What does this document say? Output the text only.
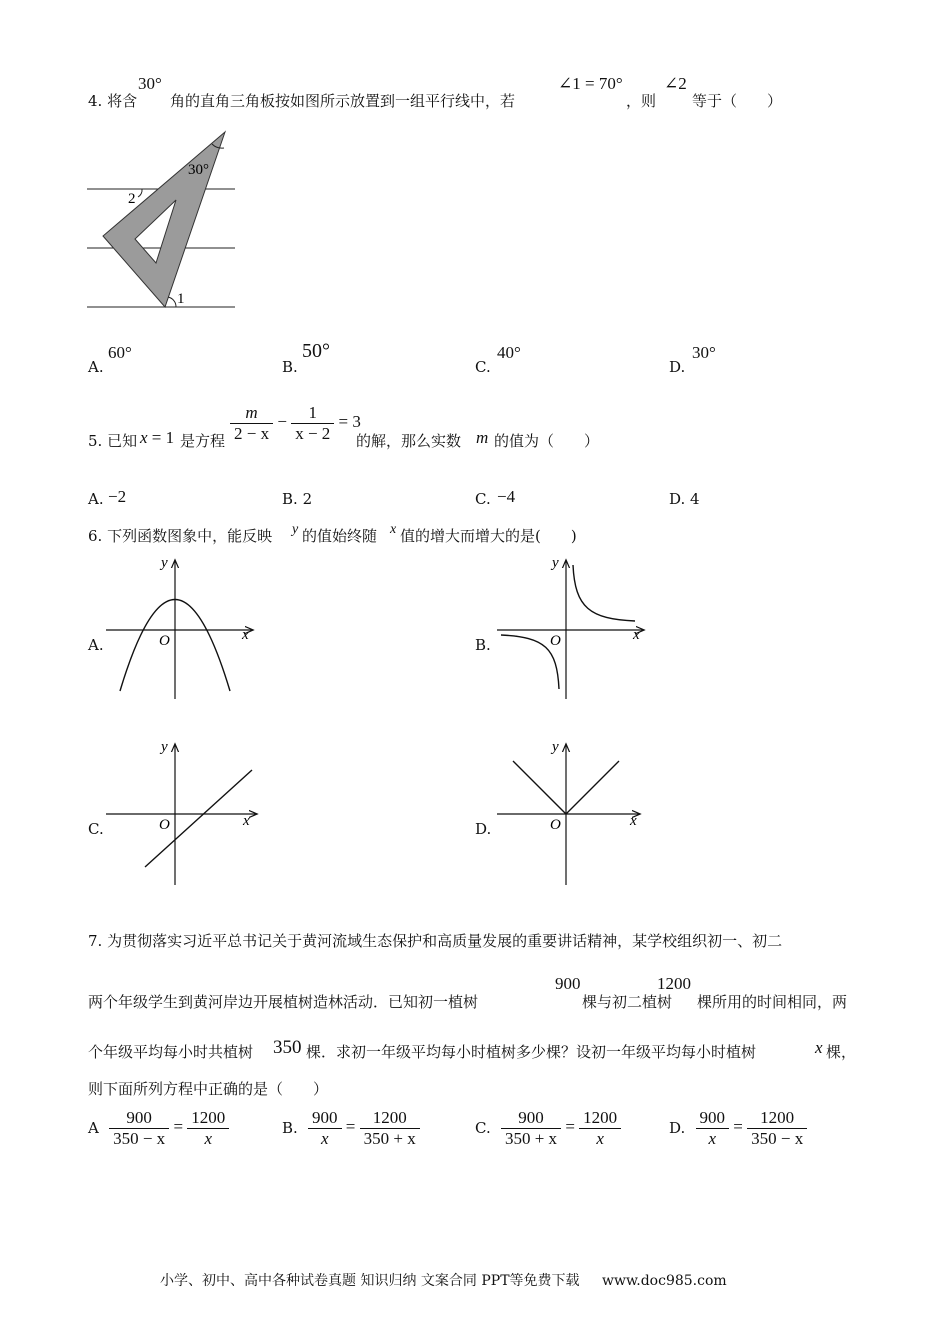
4. 将含
30°
角的直角三角板按如图所示放置到一组平行线中，若
∠1 = 70°
，则
∠2
等于（　　）
30°
2
1
A.
60°
B.
50°
C.
40°
D.
30°
5. 已知 x = 1 是方程 $\frac{m}{2 - x} - \frac{1}{x - 2} = 3$
的解，那么实数 m 的值为（　　）
A. −2	B. 2	C. −4	D. 4
6. 下列函数图象中，能反映 y 的值始终随 x 值的增大而增大的是(　　)
A.
x
y
O	B.
x
y
O
C.	x
y
O	D.	x
y
O
7. 为贯彻落实习近平总书记关于黄河流域生态保护和高质量发展的重要讲话精神，某学校组织初一、初二
两个年级学生到黄河岸边开展植树造林活动．已知初一植树
900
棵与初二植树
1200
棵所用的时间相同，两
个年级平均每小时共植树 350 棵．求初一年级平均每小时植树多少棵？设初一年级平均每小时植树	x 棵，
则下面所列方程中正确的是（　　）
A $\frac{900}{350 - x} = \frac{1200}{x}$	B. $\frac{900}{x} = \frac{1200}{350 + x}$	C. $\frac{900}{350 + x} = \frac{1200}{x}$	D. $\frac{900}{x} = \frac{1200}{350 - x}$
小学、初中、高中各种试卷真题 知识归纳 文案合同 PPT等免费下载 www.doc985.com
